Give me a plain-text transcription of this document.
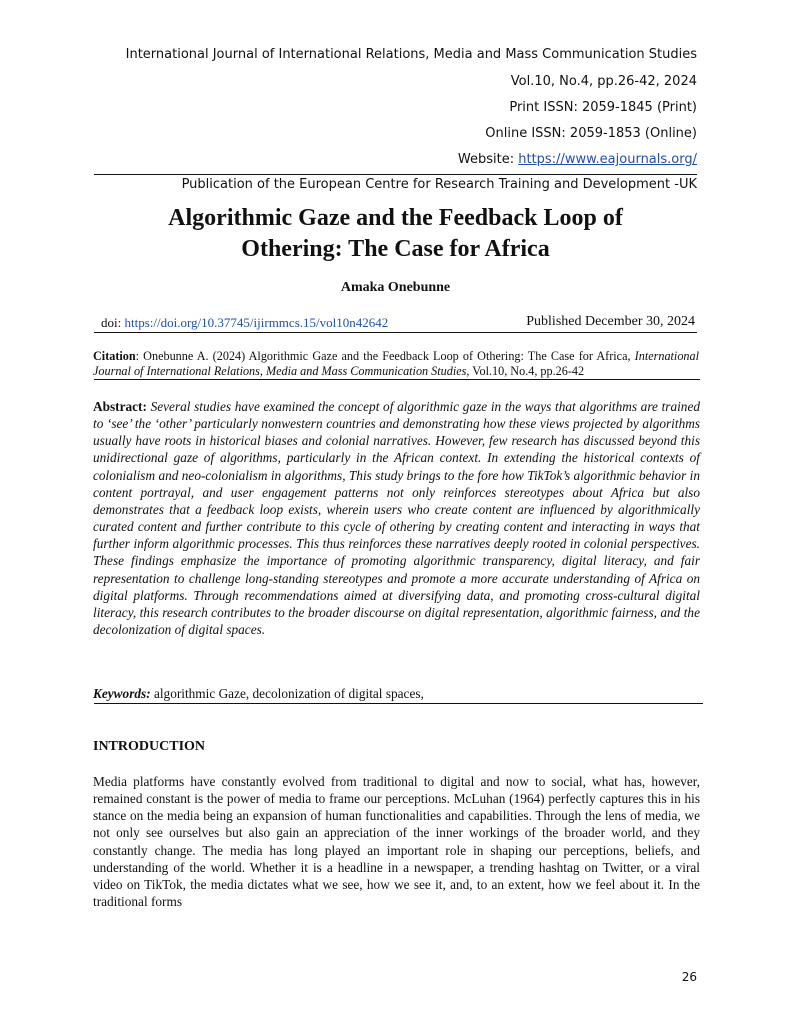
International Journal of International Relations, Media and Mass Communication Studies
Vol.10, No.4, pp.26-42, 2024
Print ISSN: 2059-1845 (Print)
Online ISSN: 2059-1853 (Online)
Website: https://www.eajournals.org/
Publication of the European Centre for Research Training and Development -UK
Algorithmic Gaze and the Feedback Loop of
Othering: The Case for Africa
Amaka Onebunne
doi: https://doi.org/10.37745/ijirmmcs.15/vol10n42642	Published December 30, 2024
Citation: Onebunne A. (2024) Algorithmic Gaze and the Feedback Loop of Othering: The Case for Africa, International Journal of International Relations, Media and Mass Communication Studies, Vol.10, No.4, pp.26-42
Abstract: Several studies have examined the concept of algorithmic gaze in the ways that algorithms are trained to ‘see’ the ‘other’ particularly nonwestern countries and demonstrating how these views projected by algorithms usually have roots in historical biases and colonial narratives. However, few research has discussed beyond this unidirectional gaze of algorithms, particularly in the African context. In extending the historical contexts of colonialism and neo-colonialism in algorithms, This study brings to the fore how TikTok’s algorithmic behavior in content portrayal, and user engagement patterns not only reinforces stereotypes about Africa but also demonstrates that a feedback loop exists, wherein users who create content are influenced by algorithmically curated content and further contribute to this cycle of othering by creating content and interacting in ways that further inform algorithmic processes. This thus reinforces these narratives deeply rooted in colonial perspectives. These findings emphasize the importance of promoting algorithmic transparency, digital literacy, and fair representation to challenge long-standing stereotypes and promote a more accurate understanding of Africa on digital platforms. Through recommendations aimed at diversifying data, and promoting cross-cultural digital literacy, this research contributes to the broader discourse on digital representation, algorithmic fairness, and the decolonization of digital spaces.
Keywords: algorithmic Gaze, decolonization of digital spaces,
INTRODUCTION

Media platforms have constantly evolved from traditional to digital and now to social, what has, however, remained constant is the power of media to frame our perceptions. McLuhan (1964) perfectly captures this in his stance on the media being an expansion of human functionalities and capabilities. Through the lens of media, we not only see ourselves but also gain an appreciation of the inner workings of the broader world, and they constantly change. The media has long played an important role in shaping our perceptions, beliefs, and understanding of the world. Whether it is a headline in a newspaper, a trending hashtag on Twitter, or a viral video on TikTok, the media dictates what we see, how we see it, and, to an extent, how we feel about it. In the traditional forms

26
